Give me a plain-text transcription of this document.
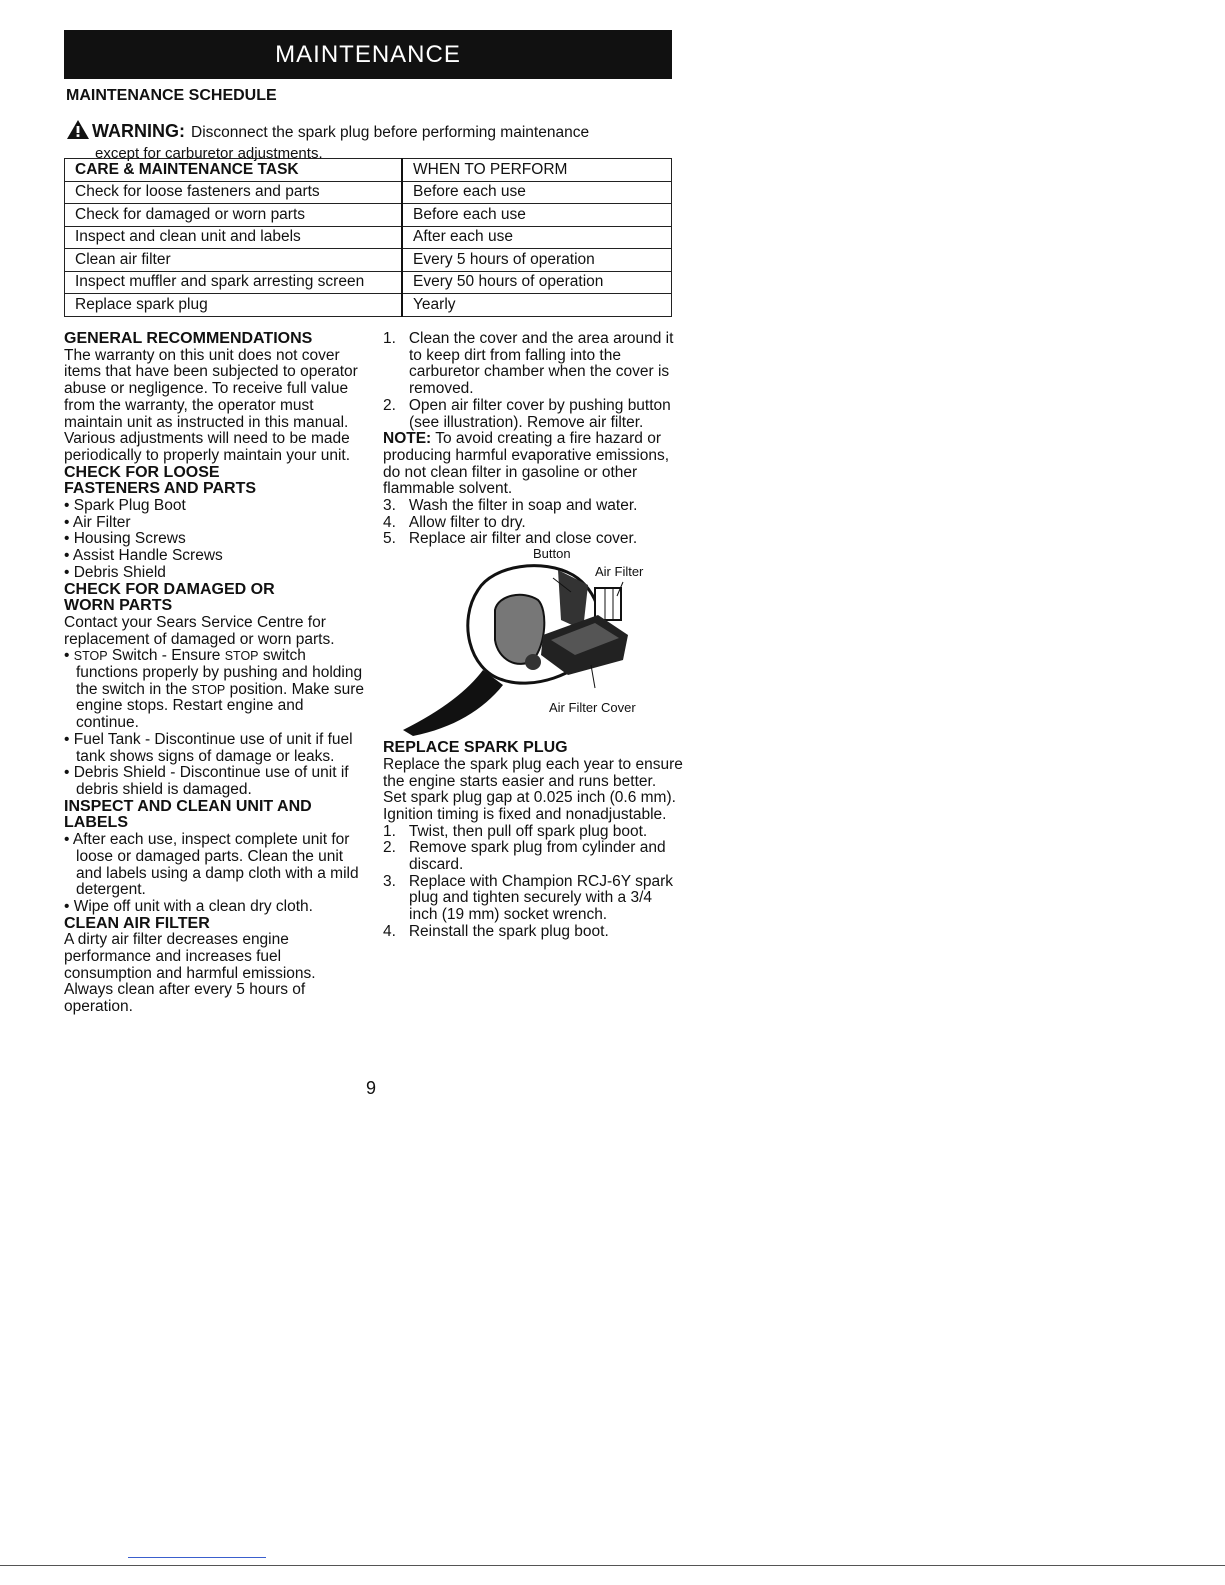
MAINTENANCE
MAINTENANCE SCHEDULE
WARNING: Disconnect the spark plug before performing maintenance
except for carburetor adjustments.
CARE & MAINTENANCE TASK	WHEN TO PERFORM
Check for loose fasteners and parts	Before each use
Check for damaged or worn parts	Before each use
Inspect and clean unit and labels	After each use
Clean air filter	Every 5 hours of operation
Inspect muffler and spark arresting screen	Every 50 hours of operation
Replace spark plug	Yearly

GENERAL RECOMMENDATIONS

The warranty on this unit does not cover items that have been subjected to operator abuse or negligence. To receive full value from the warranty, the operator must maintain unit as instructed in this manual. Various adjustments will need to be made periodically to properly maintain your unit.

CHECK FOR LOOSE

FASTENERS AND PARTS

• Spark Plug Boot

• Air Filter

• Housing Screws

• Assist Handle Screws

• Debris Shield

CHECK FOR DAMAGED OR

WORN PARTS

Contact your Sears Service Centre for replacement of damaged or worn parts.

• STOP Switch - Ensure STOP switch functions properly by pushing and holding the switch in the STOP position. Make sure engine stops. Restart engine and continue.

• Fuel Tank - Discontinue use of unit if fuel tank shows signs of damage or leaks.

• Debris Shield - Discontinue use of unit if debris shield is damaged.

INSPECT AND CLEAN UNIT AND

LABELS

• After each use, inspect complete unit for loose or damaged parts. Clean the unit and labels using a damp cloth with a mild detergent.

• Wipe off unit with a clean dry cloth.

CLEAN AIR FILTER

A dirty air filter decreases engine performance and increases fuel consumption and harmful emissions. Always clean after every 5 hours of operation.

1.   Clean the cover and the area around it to keep dirt from falling into the carburetor chamber when the cover is removed.

2.   Open air filter cover by pushing button (see illustration). Remove air filter.

NOTE: To avoid creating a fire hazard or producing harmful evaporative emissions, do not clean filter in gasoline or other flammable solvent.

3.   Wash the filter in soap and water.

4.   Allow filter to dry.

5.   Replace air filter and close cover.

Button
Air Filter
Air Filter Cover

REPLACE SPARK PLUG

Replace the spark plug each year to ensure the engine starts easier and runs better. Set spark plug gap at 0.025 inch (0.6 mm). Ignition timing is fixed and nonadjustable.

1.   Twist, then pull off spark plug boot.

2.   Remove spark plug from cylinder and discard.

3.   Replace with Champion RCJ-6Y spark plug and tighten securely with a 3/4 inch (19 mm) socket wrench.

4.   Reinstall the spark plug boot.

9
